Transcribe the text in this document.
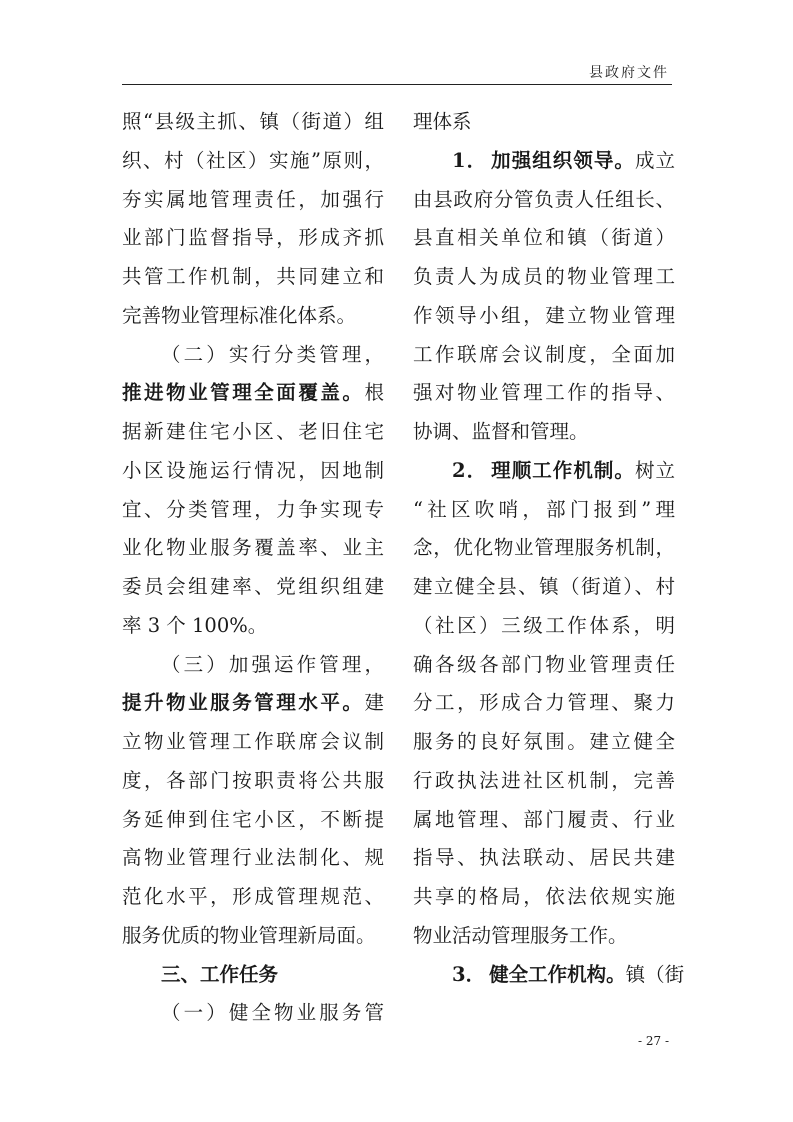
县政府文件
照“县级主抓、镇（街道）组
织、村（社区）实施”原则，
夯实属地管理责任，加强行
业部门监督指导，形成齐抓
共管工作机制，共同建立和
完善物业管理标准化体系。
（二）实行分类管理，
推进物业管理全面覆盖。根
据新建住宅小区、老旧住宅
小区设施运行情况，因地制
宜、分类管理，力争实现专
业化物业服务覆盖率、业主
委员会组建率、党组织组建
率 3 个 100%。
（三）加强运作管理，
提升物业服务管理水平。建
立物业管理工作联席会议制
度，各部门按职责将公共服
务延伸到住宅小区，不断提
高物业管理行业法制化、规
范化水平，形成管理规范、
服务优质的物业管理新局面。
三、工作任务
（一）健全物业服务管
理体系
1． 加强组织领导。成立
由县政府分管负责人任组长、
县直相关单位和镇（街道）
负责人为成员的物业管理工
作领导小组，建立物业管理
工作联席会议制度，全面加
强对物业管理工作的指导、
协调、监督和管理。
2． 理顺工作机制。树立
“社区吹哨，部门报到”理
念，优化物业管理服务机制，
建立健全县、镇（街道）、村
（社区）三级工作体系，明
确各级各部门物业管理责任
分工，形成合力管理、聚力
服务的良好氛围。建立健全
行政执法进社区机制，完善
属地管理、部门履责、行业
指导、执法联动、居民共建
共享的格局，依法依规实施
物业活动管理服务工作。
3． 健全工作机构。镇（街
- 27 -
